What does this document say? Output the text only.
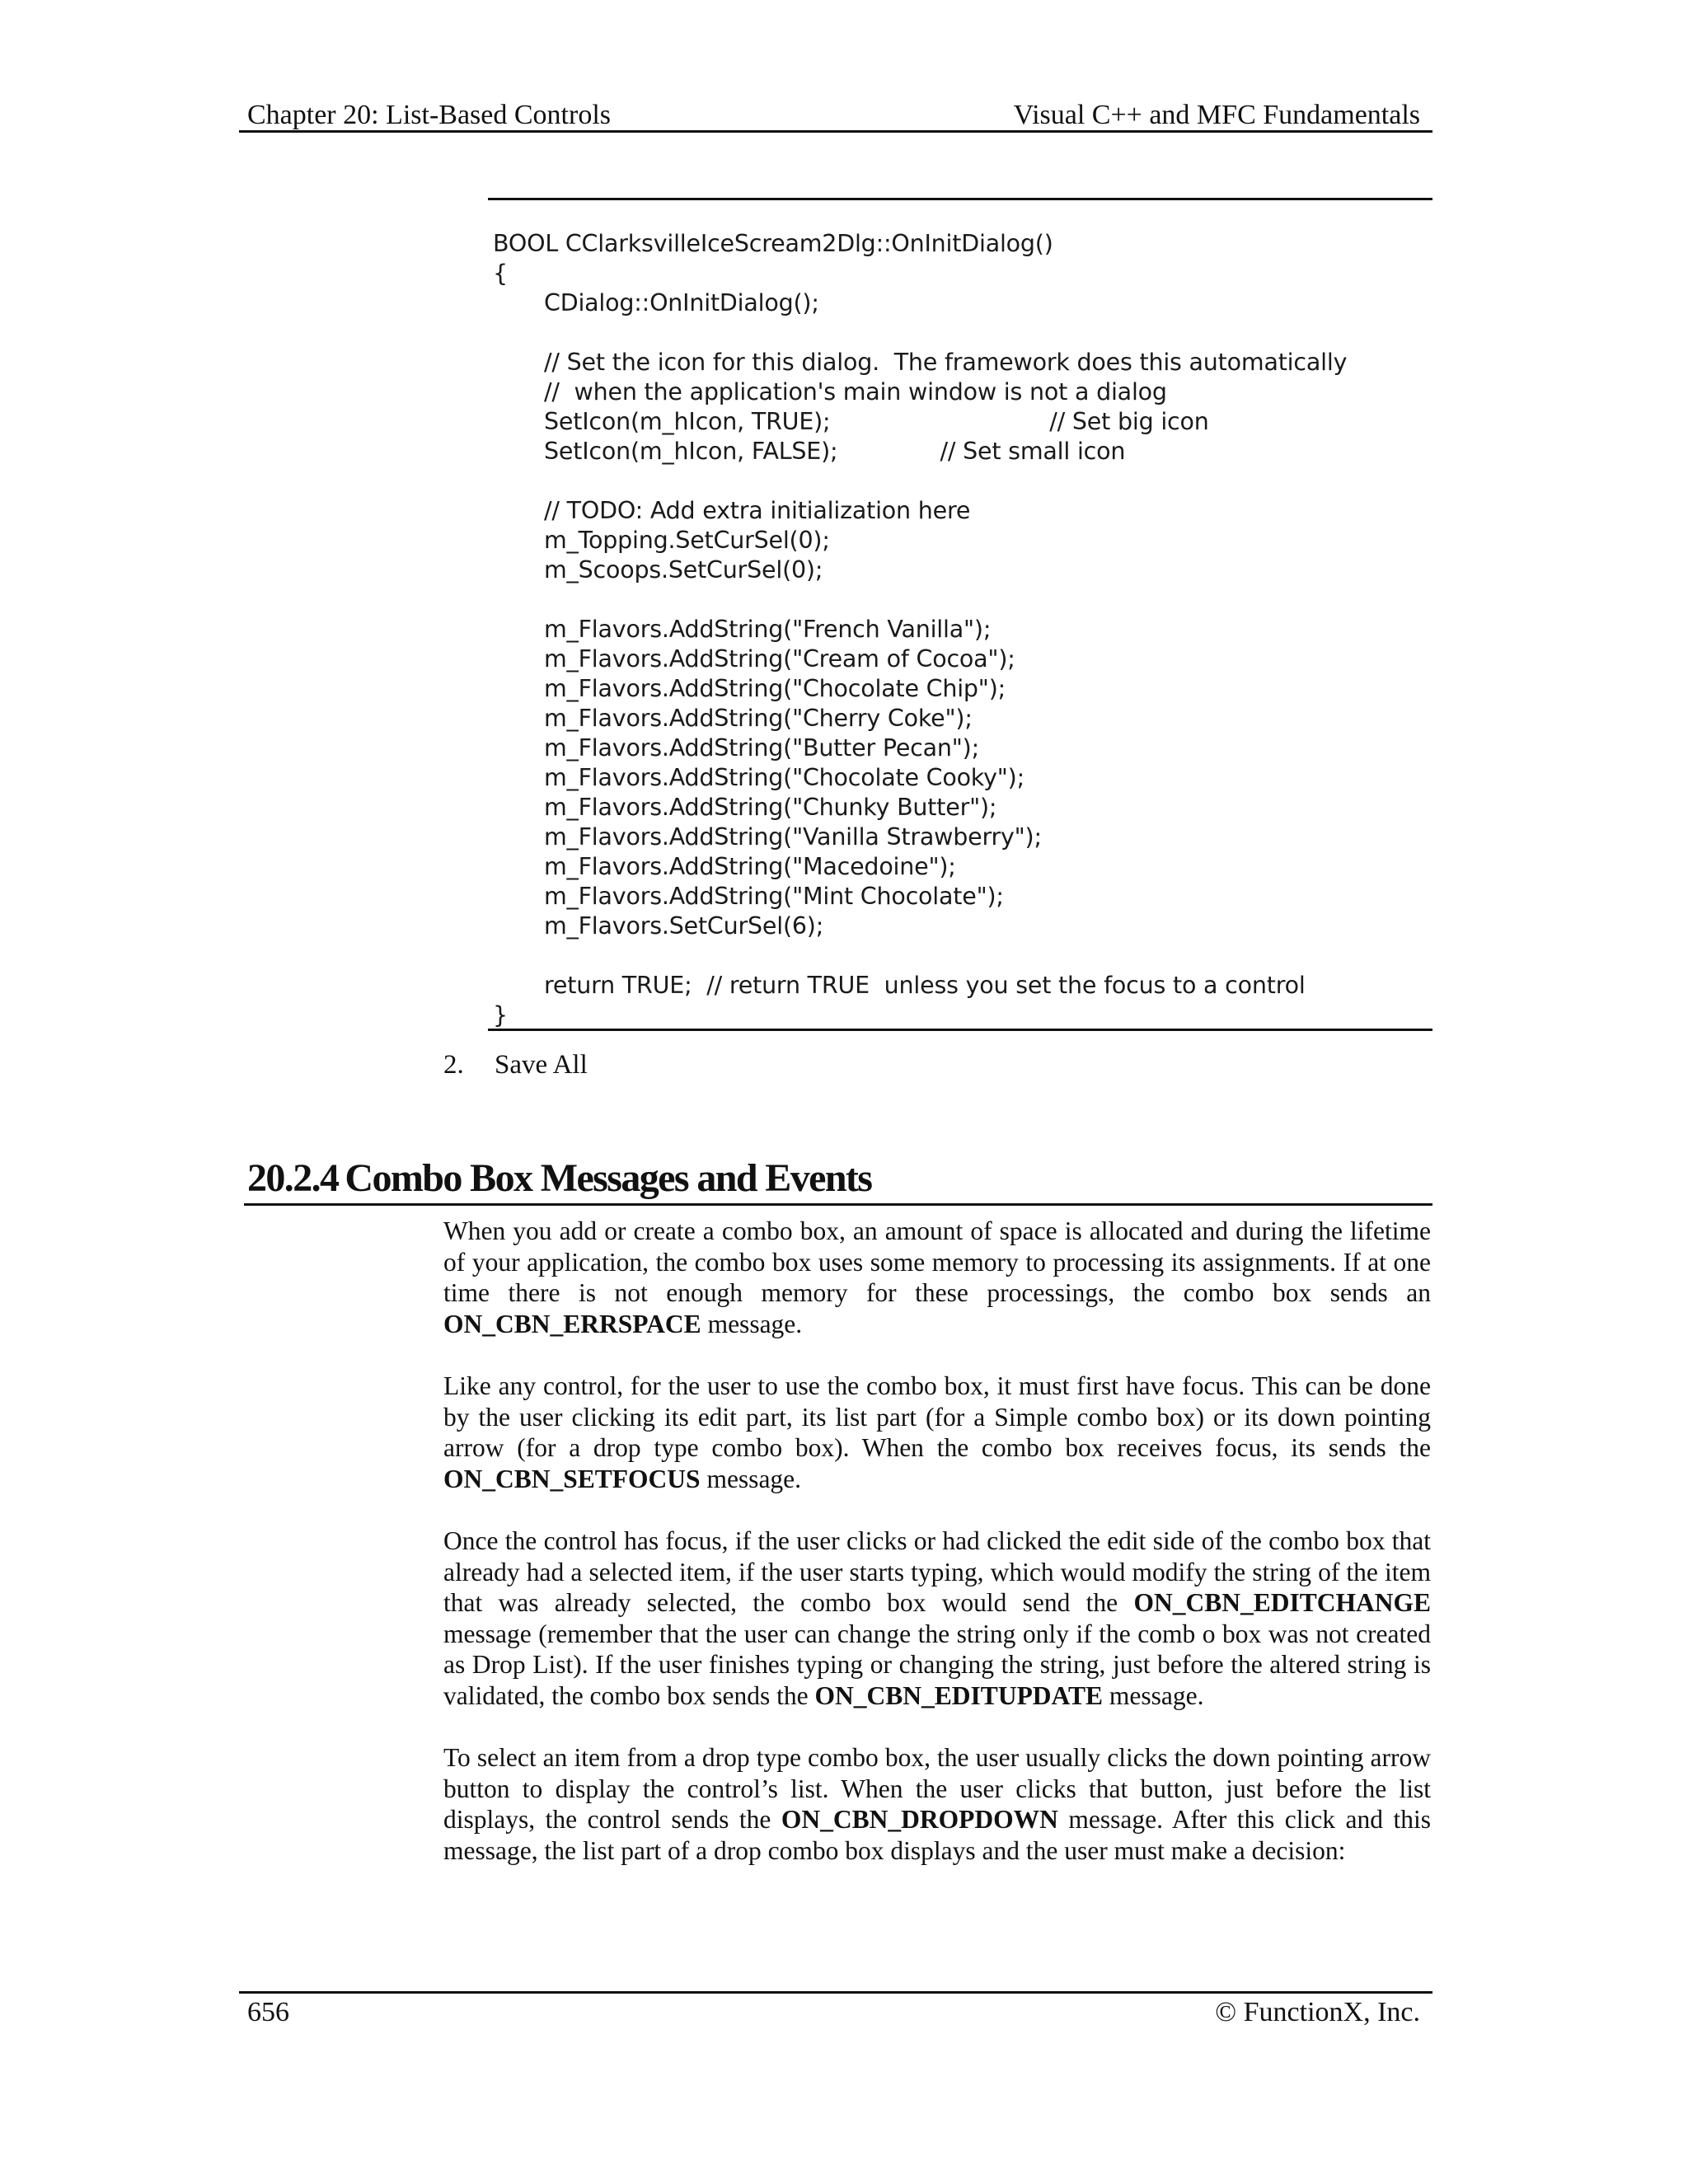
Chapter 20: List-Based Controls	Visual C++ and MFC Fundamentals
BOOL CClarksvilleIceScream2Dlg::OnInitDialog()
{
CDialog::OnInitDialog();
// Set the icon for this dialog.  The framework does this automatically
//  when the application's main window is not a dialog
SetIcon(m_hIcon, TRUE);                              // Set big icon
SetIcon(m_hIcon, FALSE);              // Set small icon
// TODO: Add extra initialization here
m_Topping.SetCurSel(0);
m_Scoops.SetCurSel(0);
m_Flavors.AddString("French Vanilla");
m_Flavors.AddString("Cream of Cocoa");
m_Flavors.AddString("Chocolate Chip");
m_Flavors.AddString("Cherry Coke");
m_Flavors.AddString("Butter Pecan");
m_Flavors.AddString("Chocolate Cooky");
m_Flavors.AddString("Chunky Butter");
m_Flavors.AddString("Vanilla Strawberry");
m_Flavors.AddString("Macedoine");
m_Flavors.AddString("Mint Chocolate");
m_Flavors.SetCurSel(6);
return TRUE;  // return TRUE  unless you set the focus to a control
}
2. Save All
20.2.4 Combo Box Messages and Events

When you add or create a combo box, an amount of space is allocated and during the lifetime of your application, the combo box uses some memory to processing its assignments. If at one time there is not enough memory for these processings, the combo box sends an ON_CBN_ERRSPACE message.

Like any control, for the user to use the combo box, it must first have focus. This can be done by the user clicking its edit part, its list part (for a Simple combo box) or its down pointing arrow (for a drop type combo box). When the combo box receives focus, its sends the ON_CBN_SETFOCUS message.

Once the control has focus, if the user clicks or had clicked the edit side of the combo box that already had a selected item, if the user starts typing, which would modify the string of the item that was already selected, the combo box would send the ON_CBN_EDITCHANGE message (remember that the user can change the string only if the comb o box was not created as Drop List). If the user finishes typing or changing the string, just before the altered string is validated, the combo box sends the ON_CBN_EDITUPDATE message.

To select an item from a drop type combo box, the user usually clicks the down pointing arrow button to display the control’s list. When the user clicks that button, just before the list displays, the control sends the ON_CBN_DROPDOWN message. After this click and this message, the list part of a drop combo box displays and the user must make a decision:

656	© FunctionX, Inc.
